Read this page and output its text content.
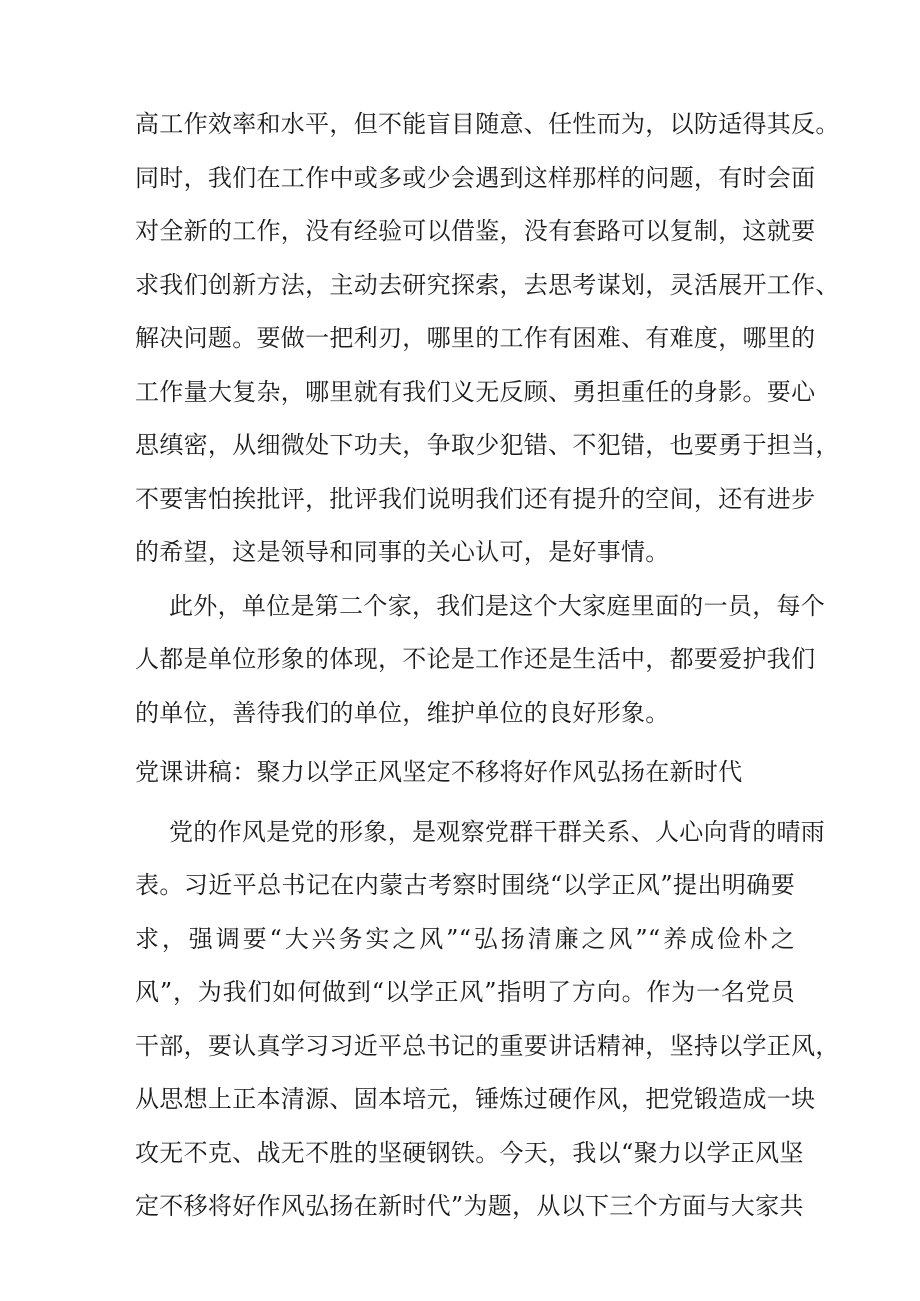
高工作效率和水平，但不能盲目随意、任性而为，以防适得其反。
同时，我们在工作中或多或少会遇到这样那样的问题，有时会面
对全新的工作，没有经验可以借鉴，没有套路可以复制，这就要
求我们创新方法，主动去研究探索，去思考谋划，灵活展开工作、
解决问题。要做一把利刃，哪里的工作有困难、有难度，哪里的
工作量大复杂，哪里就有我们义无反顾、勇担重任的身影。要心
思缜密，从细微处下功夫，争取少犯错、不犯错，也要勇于担当，
不要害怕挨批评，批评我们说明我们还有提升的空间，还有进步
的希望，这是领导和同事的关心认可，是好事情。
此外，单位是第二个家，我们是这个大家庭里面的一员，每个
人都是单位形象的体现，不论是工作还是生活中，都要爱护我们
的单位，善待我们的单位，维护单位的良好形象。
党课讲稿：聚力以学正风坚定不移将好作风弘扬在新时代
党的作风是党的形象，是观察党群干群关系、人心向背的晴雨
表。习近平总书记在内蒙古考察时围绕“以学正风”提出明确要
求，强调要“大兴务实之风”“弘扬清廉之风”“养成俭朴之
风”，为我们如何做到“以学正风”指明了方向。作为一名党员
干部，要认真学习习近平总书记的重要讲话精神，坚持以学正风，
从思想上正本清源、固本培元，锤炼过硬作风，把党锻造成一块
攻无不克、战无不胜的坚硬钢铁。今天，我以“聚力以学正风坚
定不移将好作风弘扬在新时代”为题，从以下三个方面与大家共
